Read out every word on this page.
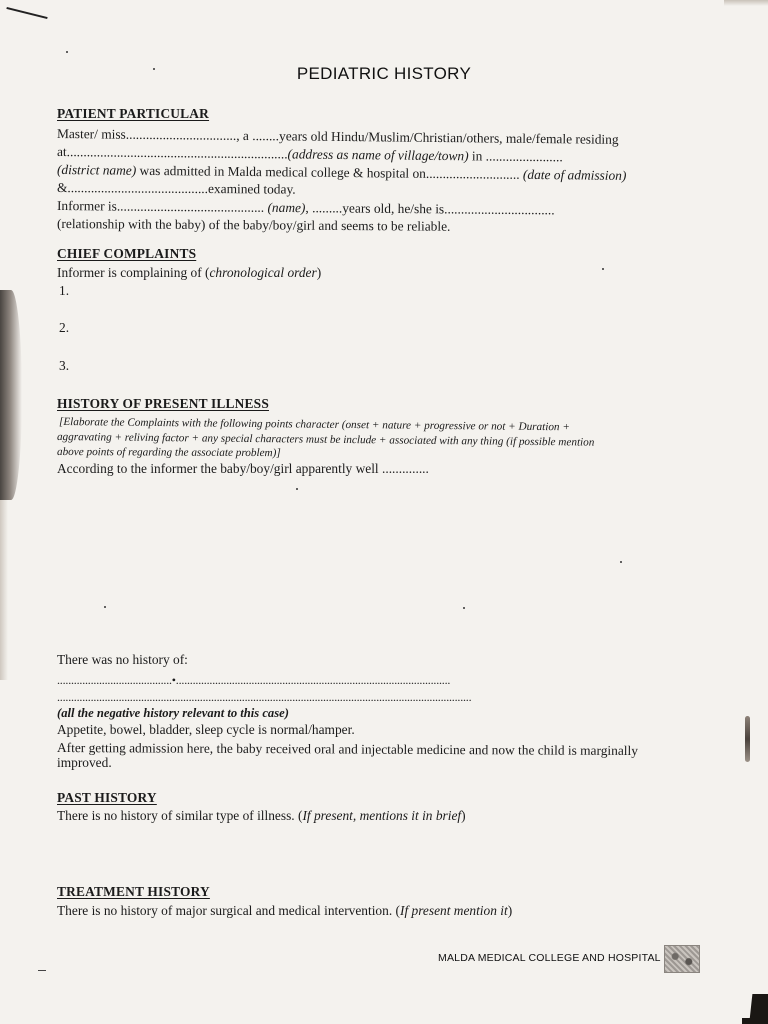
PEDIATRIC HISTORY
PATIENT PARTICULAR
Master/ miss................................., a ........years old Hindu/Muslim/Christian/others, male/female residing
at..................................................................(address as name of village/town) in .......................
(district name) was admitted in Malda medical college & hospital on............................ (date of admission)
&..........................................examined today.
Informer is............................................ (name), .........years old, he/she is.................................
(relationship with the baby) of the baby/boy/girl and seems to be reliable.
CHIEF COMPLAINTS
Informer is complaining of (chronological order)
1.
2.
3.
HISTORY OF PRESENT ILLNESS
[Elaborate the Complaints with the following points character (onset + nature + progressive or not + Duration +
aggravating + reliving factor + any special characters must be include + associated with any thing (if possible mention
above points of regarding the associate problem)]
According to the informer the baby/boy/girl apparently well ..............
There was no history of:
.........................................•..................................................................................................
....................................................................................................................................................
(all the negative history relevant to this case)
Appetite, bowel, bladder, sleep cycle is normal/hamper.
After getting admission here, the baby received oral and injectable medicine and now the child is marginally
improved.
PAST HISTORY
There is no history of similar type of illness. (If present, mentions it in brief)
TREATMENT HISTORY
There is no history of major surgical and medical intervention. (If present mention it)
MALDA MEDICAL COLLEGE AND HOSPITAL
